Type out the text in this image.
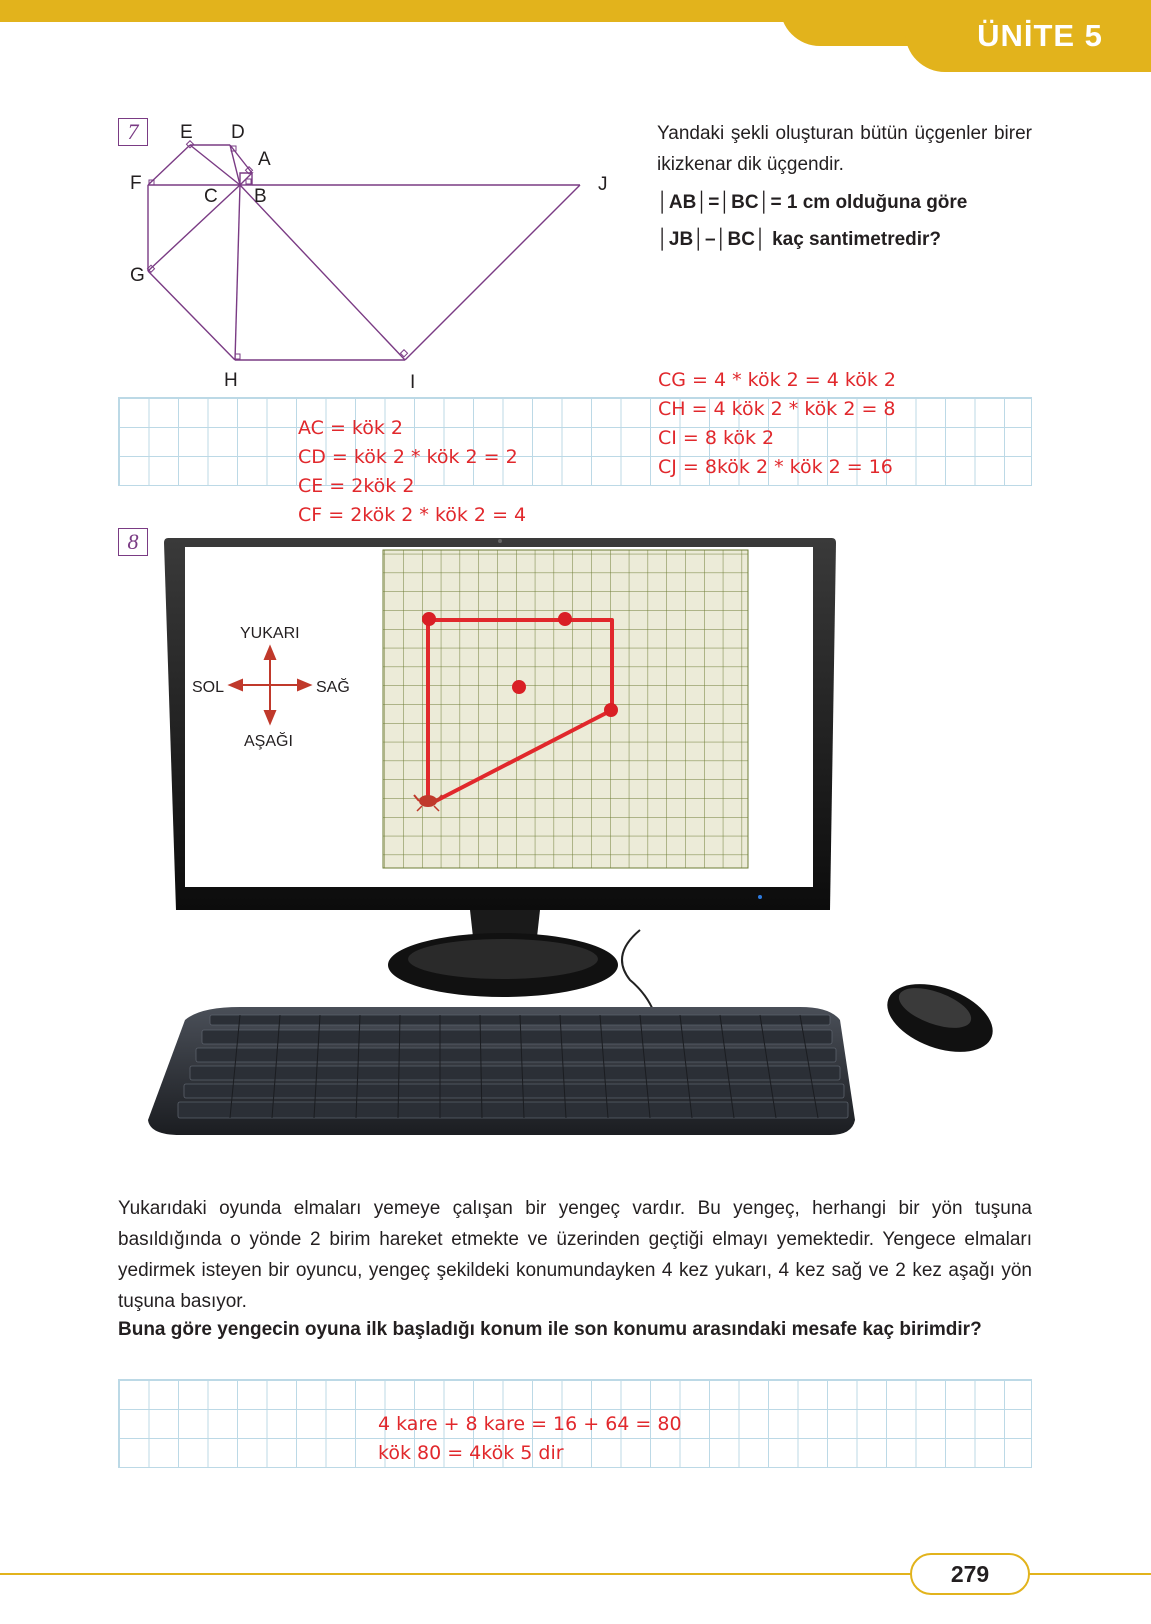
ÜNİTE 5
7	E D
A
F
C B
J
G
H	I
Yandaki şekli oluşturan bütün üçgenler birer ikizkenar dik üçgendir.
│AB│=│BC│= 1 cm olduğuna göre
│JB│–│BC│ kaç santimetredir?
AC = kök 2
CD = kök 2 * kök 2 = 2
CE = 2kök 2
CF = 2kök 2 * kök 2 = 4
CG = 4 * kök 2 = 4 kök 2
CH = 4 kök 2 * kök 2 = 8
CI = 8 kök 2
CJ = 8kök 2 * kök 2 = 16
8
YUKARI
AŞAĞI
SOL	SAĞ
Yukarıdaki oyunda elmaları yemeye çalışan bir yengeç vardır. Bu yengeç, herhangi bir yön tuşuna basıldığında o yönde 2 birim hareket etmekte ve üzerinden geçtiği elmayı yemektedir. Yengece elmaları yedirmek isteyen bir oyuncu, yengeç şekildeki konumundayken 4 kez yukarı, 4 kez sağ ve 2 kez aşağı yön tuşuna basıyor.
Buna göre yengecin oyuna ilk başladığı konum ile son konumu arasındaki mesafe kaç birimdir?
4 kare + 8 kare = 16 + 64 = 80
kök 80 = 4kök 5 dir
279
